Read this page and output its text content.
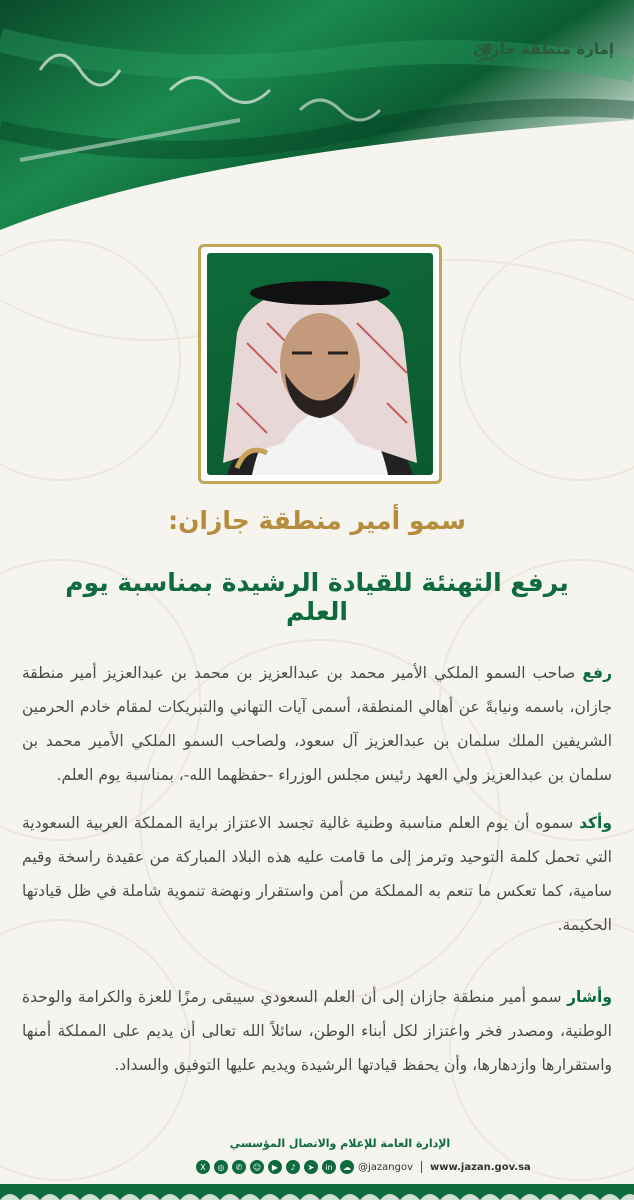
إمارة منطقة جازان
سمو أمير منطقة جازان:
يرفع التهنئة للقيادة الرشيدة بمناسبة يوم العلم

رفع صاحب السمو الملكي الأمير محمد بن عبدالعزيز بن محمد بن عبدالعزيز أمير منطقة جازان، باسمه ونيابةً عن أهالي المنطقة، أسمى آيات التهاني والتبريكات لمقام خادم الحرمين الشريفين الملك سلمان بن عبدالعزيز آل سعود، ولصاحب السمو الملكي الأمير محمد بن سلمان بن عبدالعزيز ولي العهد رئيس مجلس الوزراء -حفظهما الله-، بمناسبة يوم العلم.

وأكد سموه أن يوم العلم مناسبة وطنية غالية تجسد الاعتزاز براية المملكة العربية السعودية التي تحمل كلمة التوحيد وترمز إلى ما قامت عليه هذه البلاد المباركة من عقيدة راسخة وقيم سامية، كما تعكس ما تنعم به المملكة من أمن واستقرار ونهضة تنموية شاملة في ظل قيادتها الحكيمة.

وأشار سمو أمير منطقة جازان إلى أن العلم السعودي سيبقى رمزًا للعزة والكرامة والوحدة الوطنية، ومصدر فخر واعتزاز لكل أبناء الوطن، سائلاً الله تعالى أن يديم على المملكة أمنها واستقرارها وازدهارها، وأن يحفظ قيادتها الرشيدة ويديم عليها التوفيق والسداد.

الإدارة العامة للإعلام والاتصال المؤسسي
X	◎	✆	☺	▶	♪	➤	in	☁ @jazangov www.jazan.gov.sa
